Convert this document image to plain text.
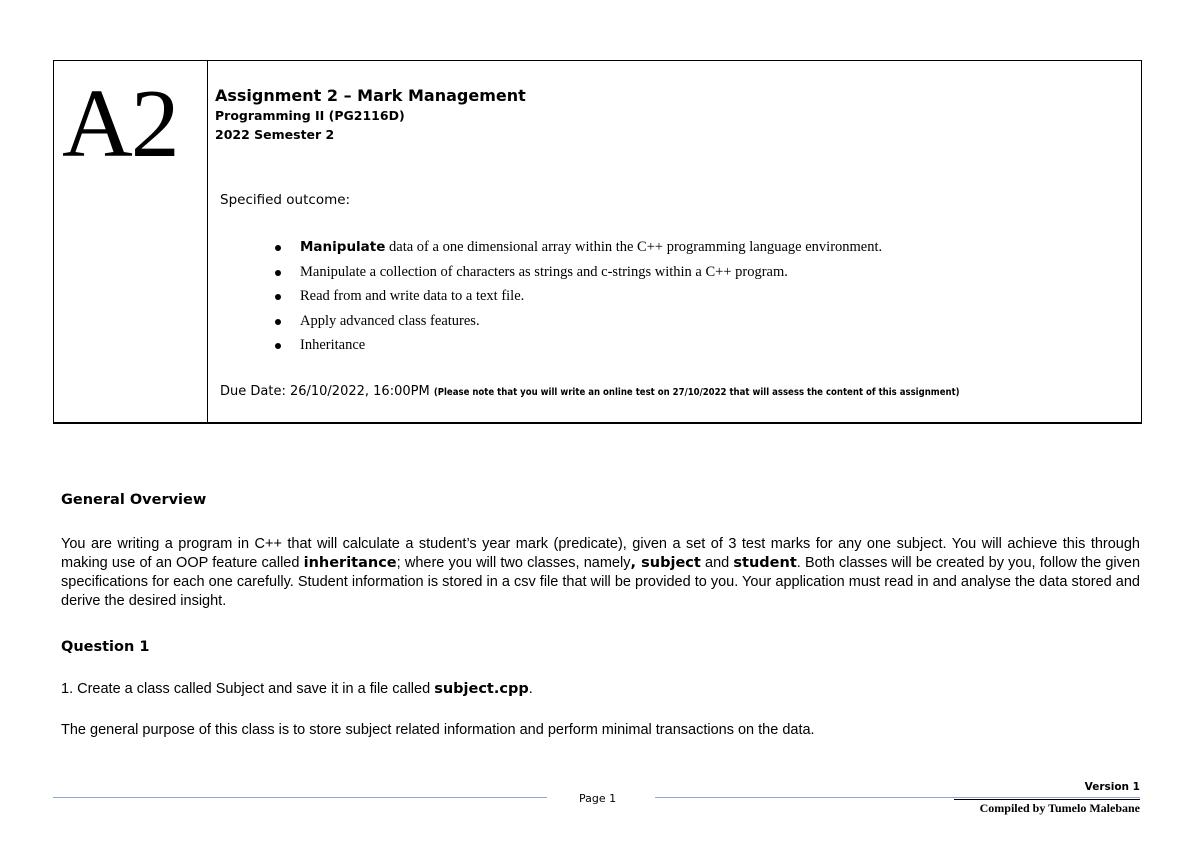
A2 Assignment 2 – Mark Management
Programming II (PG2116D)
2022 Semester 2
Specified outcome:
Manipulate data of a one dimensional array within the C++ programming language environment.
Manipulate a collection of characters as strings and c-strings within a C++ program.
Read from and write data to a text file.
Apply advanced class features.
Inheritance
Due Date: 26/10/2022, 16:00PM (Please note that you will write an online test on 27/10/2022 that will assess the content of this assignment)
General Overview
You are writing a program in C++ that will calculate a student’s year mark (predicate), given a set of 3 test marks for any one subject. You will achieve this through making use of an OOP feature called inheritance; where you will two classes, namely, subject and student. Both classes will be created by you, follow the given specifications for each one carefully. Student information is stored in a csv file that will be provided to you. Your application must read in and analyse the data stored and derive the desired insight.
Question 1
1. Create a class called Subject and save it in a file called subject.cpp.
The general purpose of this class is to store subject related information and perform minimal transactions on the data.
Page 1
Version 1
Compiled by Tumelo Malebane
